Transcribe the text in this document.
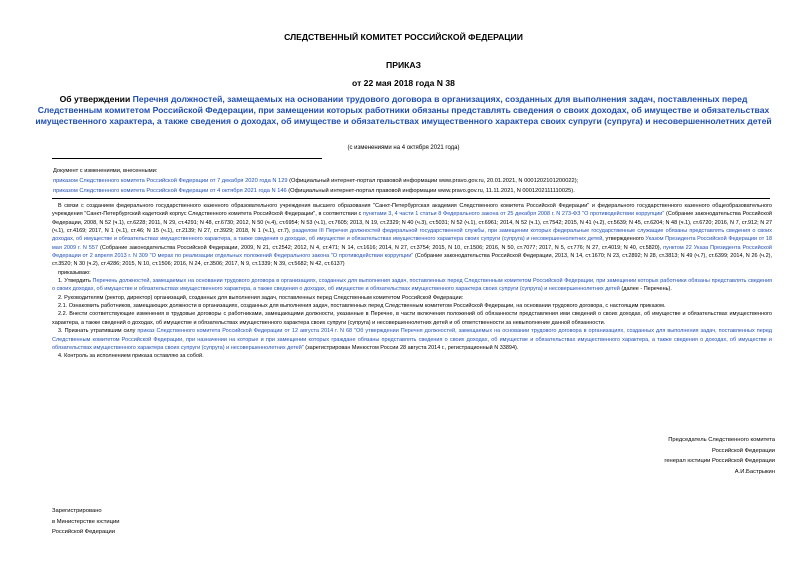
СЛЕДСТВЕННЫЙ КОМИТЕТ РОССИЙСКОЙ ФЕДЕРАЦИИ
ПРИКАЗ
от 22 мая 2018 года N 38
Об утверждении Перечня должностей, замещаемых на основании трудового договора в организациях, созданных для выполнения задач, поставленных перед Следственным комитетом Российской Федерации, при замещении которых работники обязаны представлять сведения о своих доходах, об имуществе и обязательствах имущественного характера, а также сведения о доходах, об имуществе и обязательствах имущественного характера своих супруги (супруга) и несовершеннолетних детей
(с изменениями на 4 октября 2021 года)
Документ с изменениями, внесенными:
приказом Следственного комитета Российской Федерации от 7 декабря 2020 года N 129 (Официальный интернет-портал правовой информации www.pravo.gov.ru, 20.01.2021, N 0001202101200022);
приказом Следственного комитета Российской Федерации от 4 октября 2021 года N 146 (Официальный интернет-портал правовой информации www.pravo.gov.ru, 11.11.2021, N 0001202111110025).

В связи с созданием федерального государственного казенного образовательного учреждения высшего образования "Санкт-Петербургская академия Следственного комитета Российской Федерации" и федерального государственного казенного общеобразовательного учреждения "Санкт-Петербургский кадетский корпус Следственного комитета Российской Федерации", в соответствии с пунктами 3, 4 части 1 статьи 8 Федерального закона от 25 декабря 2008 г. N 273-ФЗ "О противодействии коррупции" (Собрание законодательства Российской Федерации, 2008, N 52 (ч.1), ст.6228; 2011, N 29, ст.4291; N 48, ст.6730; 2012, N 50 (ч.4), ст.6954; N 53 (ч.1), ст.7605; 2013, N 19, ст.2329; N 40 (ч.3), ст.5031; N 52 (ч.1), ст.6961; 2014, N 52 (ч.1), ст.7542; 2015, N 41 (ч.2), ст.5639; N 45, ст.6204; N 48 (ч.1), ст.6720; 2016, N 7, ст.912; N 27 (ч.1), ст.4169; 2017, N 1 (ч.1), ст.46; N 15 (ч.1), ст.2139; N 27, ст.3929; 2018, N 1 (ч.1), ст.7), разделом III Перечня должностей федеральной государственной службы, при замещении которых федеральные государственные служащие обязаны представлять сведения о своих доходах, об имуществе и обязательствах имущественного характера, а также сведения о доходах, об имуществе и обязательствах имущественного характера своих супруги (супруга) и несовершеннолетних детей, утвержденного Указом Президента Российской Федерации от 18 мая 2009 г. N 557 (Собрание законодательства Российской Федерации, 2009, N 21, ст.2542; 2012, N 4, ст.471; N 14, ст.1616; 2014, N 27, ст.3754; 2015, N 10, ст.1506; 2016, N 50, ст.7077; 2017, N 5, ст.776; N 27, ст.4019; N 40, ст.5820), пунктом 22 Указа Президента Российской Федерации от 2 апреля 2013 г. N 309 "О мерах по реализации отдельных положений Федерального закона "О противодействии коррупции" (Собрание законодательства Российской Федерации, 2013, N 14, ст.1670; N 23, ст.2892; N 28, ст.3813; N 49 (ч.7), ст.6399; 2014, N 26 (ч.2), ст.3520; N 30 (ч.2), ст.4286; 2015, N 10, ст.1506; 2016, N 24, ст.3506; 2017, N 9, ст.1339; N 39, ст.5682; N 42, ст.6137)

приказываю:

1. Утвердить Перечень должностей, замещаемых на основании трудового договора в организациях, созданных для выполнения задач, поставленных перед Следственным комитетом Российской Федерации, при замещении которых работники обязаны представлять сведения о своих доходах, об имуществе и обязательствах имущественного характера, а также сведения о доходах, об имуществе и обязательствах имущественного характера своих супруги (супруга) и несовершеннолетних детей (далее - Перечень).

2. Руководителям (ректор, директор) организаций, созданных для выполнения задач, поставленных перед Следственным комитетом Российской Федерации:

2.1. Ознакомить работников, замещающих должности в организациях, созданных для выполнения задач, поставленных перед Следственным комитетом Российской Федерации, на основании трудового договора, с настоящим приказом.

2.2. Внести соответствующие изменения в трудовые договоры с работниками, замещающими должности, указанные в Перечне, в части включения положений об обязанности представления ими сведений о своих доходах, об имуществе и обязательствах имущественного характера, а также сведений о доходах, об имуществе и обязательствах имущественного характера своих супруги (супруга) и несовершеннолетних детей и об ответственности за невыполнение данной обязанности.

3. Признать утратившим силу приказ Следственного комитета Российской Федерации от 12 августа 2014 г. N 68 "Об утверждении Перечня должностей, замещаемых на основании трудового договора в организациях, созданных для выполнения задач, поставленных перед Следственным комитетом Российской Федерации, при назначении на которые и при замещении которых граждане обязаны представлять сведения о своих доходах, об имуществе и обязательствах имущественного характера, а также сведения о доходах, об имуществе и обязательствах имущественного характера своих супруги (супруга) и несовершеннолетних детей" (зарегистрирован Минюстом России 28 августа 2014 г., регистрационный N 33894).

4. Контроль за исполнением приказа оставляю за собой.

Председатель Следственного комитета
Российской Федерации
генерал юстиции Российской Федерации
А.И.Бастрыкин
Зарегистрировано
в Министерстве юстиции
Российской Федерации
